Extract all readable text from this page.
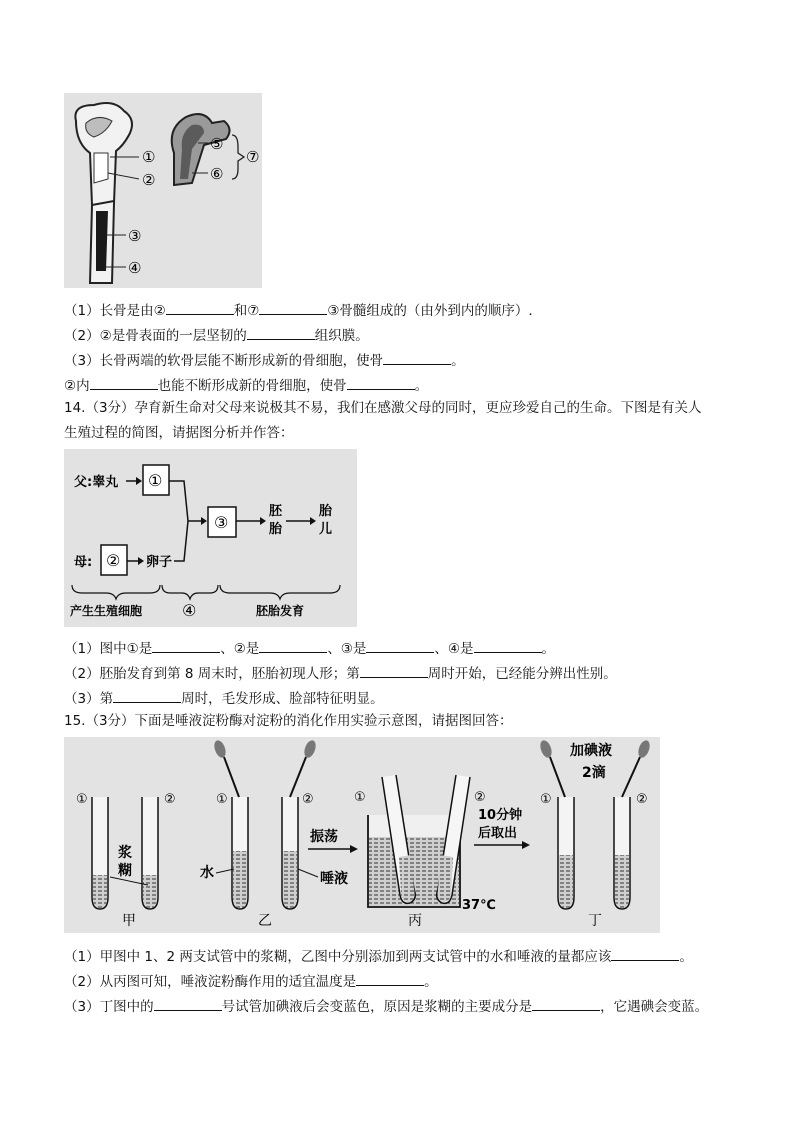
①
②
③
④
⑤
⑥
⑦
（1）长骨是由②	和⑦	③骨髓组成的（由外到内的顺序）.
（2）②是骨表面的一层坚韧的	组织膜。
（3）长骨两端的软骨层能不断形成新的骨细胞，使骨	。
②内	也能不断形成新的骨细胞，使骨	。
14.（3分）孕育新生命对父母来说极其不易，我们在感激父母的同时，更应珍爱自己的生命。下图是有关人
生殖过程的简图，请据图分析并作答：
父:睾丸 ①
母: ② 卵子
③
胚
胎
胎
儿
产生生殖细胞 ④	胚胎发育
（1）图中①是	、②是	、③是	、④是	。
（2）胚胎发育到第 8 周末时，胚胎初现人形；第	周时开始，已经能分辨出性别。
（3）第	周时，毛发形成、脸部特征明显。
15.（3分）下面是唾液淀粉酶对淀粉的消化作用实验示意图，请据图回答：
①	②
浆
糊
甲
①	②
水	唾液
乙
振荡
①	②
37℃
丙
10分钟
后取出
加碘液
2滴
①	②
丁
（1）甲图中 1、2 两支试管中的浆糊，乙图中分别添加到两支试管中的水和唾液的量都应该	。
（2）从丙图可知，唾液淀粉酶作用的适宜温度是	。
（3）丁图中的	号试管加碘液后会变蓝色，原因是浆糊的主要成分是	，它遇碘会变蓝。
